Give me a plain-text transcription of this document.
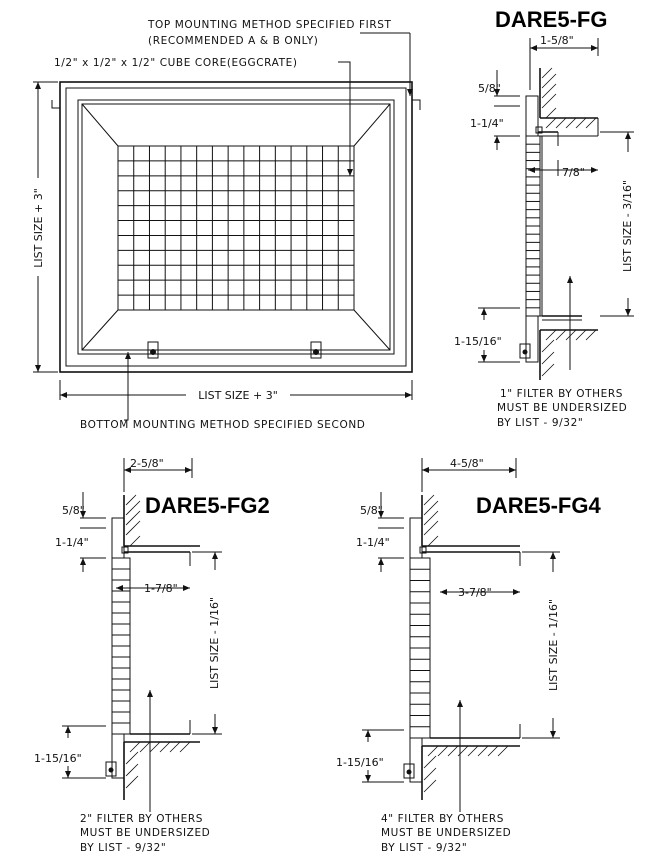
TOP MOUNTING METHOD SPECIFIED FIRST
(RECOMMENDED A & B ONLY)
1/2" x 1/2" x 1/2" CUBE CORE(EGGCRATE)
LIST SIZE + 3"
LIST SIZE + 3"
BOTTOM MOUNTING METHOD SPECIFIED SECOND
DARE5-FG
1-5/8"
5/8"
1-1/4"
7/8"
LIST SIZE - 3/16"
1-15/16"
1" FILTER BY OTHERS
MUST BE UNDERSIZED
BY LIST - 9/32"
DARE5-FG2
2-5/8"
5/8"
1-1/4"
1-7/8"
LIST SIZE - 1/16"
1-15/16"
2" FILTER BY OTHERS
MUST BE UNDERSIZED
BY LIST - 9/32"
DARE5-FG4
4-5/8"
5/8"
1-1/4"
3-7/8"
LIST SIZE - 1/16"
1-15/16"
4" FILTER BY OTHERS
MUST BE UNDERSIZED
BY LIST - 9/32"
